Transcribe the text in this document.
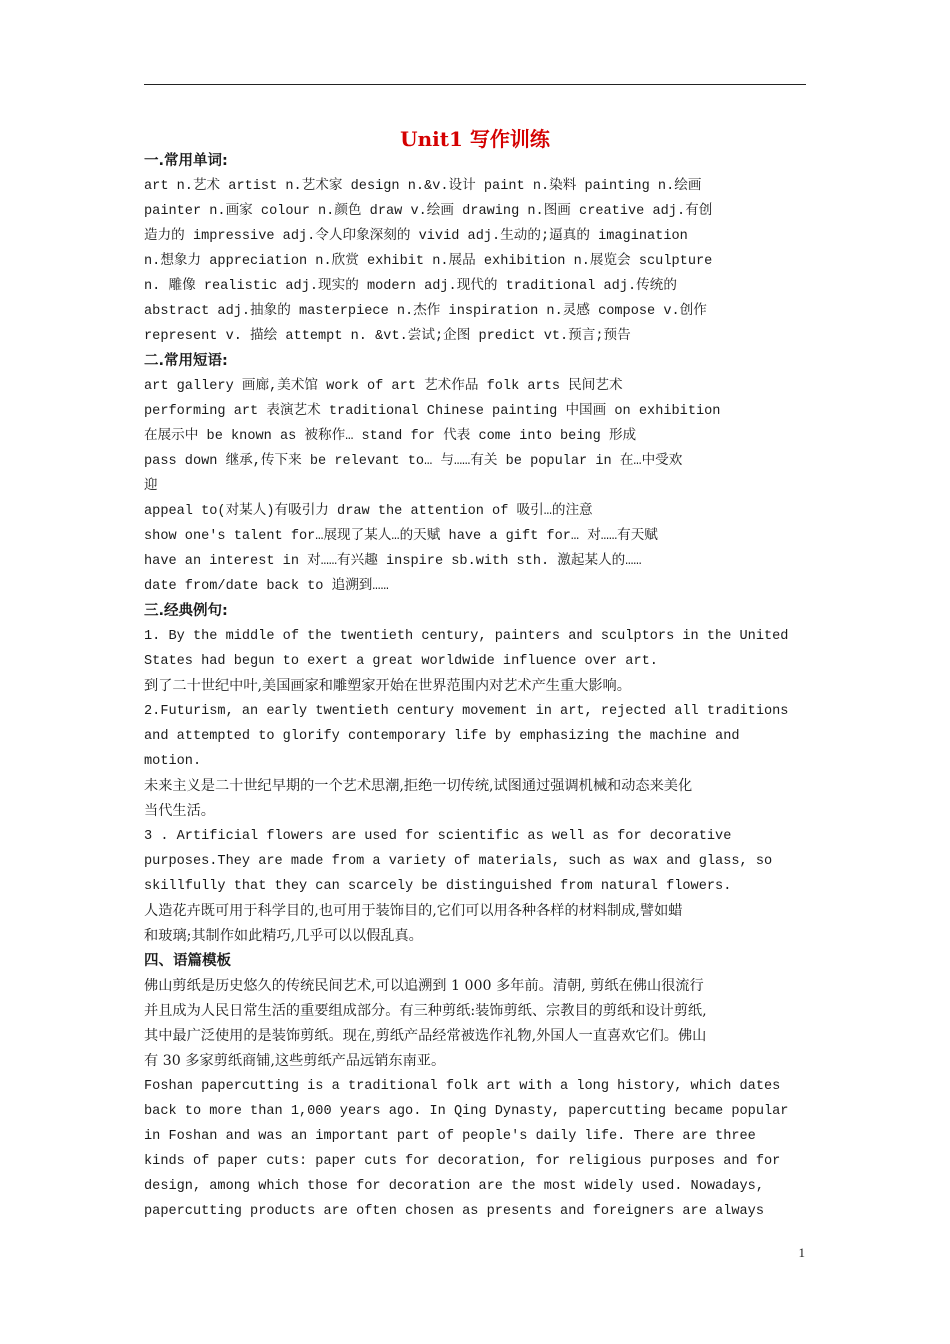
Unit1 写作训练

一.常用单词:

art n.艺术 artist n.艺术家 design n.&v.设计 paint n.染料 painting n.绘画

painter n.画家 colour n.颜色 draw v.绘画 drawing n.图画 creative adj.有创

造力的 impressive adj.令人印象深刻的 vivid adj.生动的;逼真的 imagination

n.想象力 appreciation n.欣赏 exhibit n.展品 exhibition n.展览会 sculpture

n. 雕像 realistic adj.现实的 modern adj.现代的 traditional adj.传统的

abstract adj.抽象的 masterpiece n.杰作 inspiration n.灵感 compose v.创作

represent v. 描绘 attempt n. &vt.尝试;企图 predict vt.预言;预告

二.常用短语:

art gallery 画廊,美术馆 work of art 艺术作品 folk arts 民间艺术

performing art 表演艺术 traditional Chinese painting 中国画 on exhibition

在展示中 be known as 被称作… stand for 代表 come into being 形成

pass down 继承,传下来 be relevant to… 与……有关 be popular in 在…中受欢

迎

appeal to(对某人)有吸引力 draw the attention of 吸引…的注意

show one's talent for…展现了某人…的天赋 have a gift for… 对……有天赋

have an interest in 对……有兴趣 inspire sb.with sth. 激起某人的……

date from/date back to 追溯到……

三.经典例句:

1. By the middle of the twentieth century, painters and sculptors in the United

States had begun to exert a great worldwide influence over art.

到了二十世纪中叶,美国画家和雕塑家开始在世界范围内对艺术产生重大影响。

2.Futurism, an early twentieth century movement in art, rejected all traditions

and attempted to glorify contemporary life by emphasizing the machine and

motion.

未来主义是二十世纪早期的一个艺术思潮,拒绝一切传统,试图通过强调机械和动态来美化

当代生活。

3 . Artificial flowers are used for scientific as well as for decorative

purposes.They are made from a variety of materials, such as wax and glass, so

skillfully that they can scarcely be distinguished from natural flowers.

人造花卉既可用于科学目的,也可用于装饰目的,它们可以用各种各样的材料制成,譬如蜡

和玻璃;其制作如此精巧,几乎可以以假乱真。

四、语篇模板

佛山剪纸是历史悠久的传统民间艺术,可以追溯到 1 000 多年前。清朝, 剪纸在佛山很流行

并且成为人民日常生活的重要组成部分。有三种剪纸:装饰剪纸、宗教目的剪纸和设计剪纸,

其中最广泛使用的是装饰剪纸。现在,剪纸产品经常被选作礼物,外国人一直喜欢它们。佛山

有 30 多家剪纸商铺,这些剪纸产品远销东南亚。

Foshan papercutting is a traditional folk art with a long history, which dates

back to more than 1,000 years ago. In Qing Dynasty, papercutting became popular

in Foshan and was an important part of people's daily life. There are three

kinds of paper cuts: paper cuts for decoration, for religious purposes and for

design, among which those for decoration are the most widely used. Nowadays,

papercutting products are often chosen as presents and foreigners are always

1
